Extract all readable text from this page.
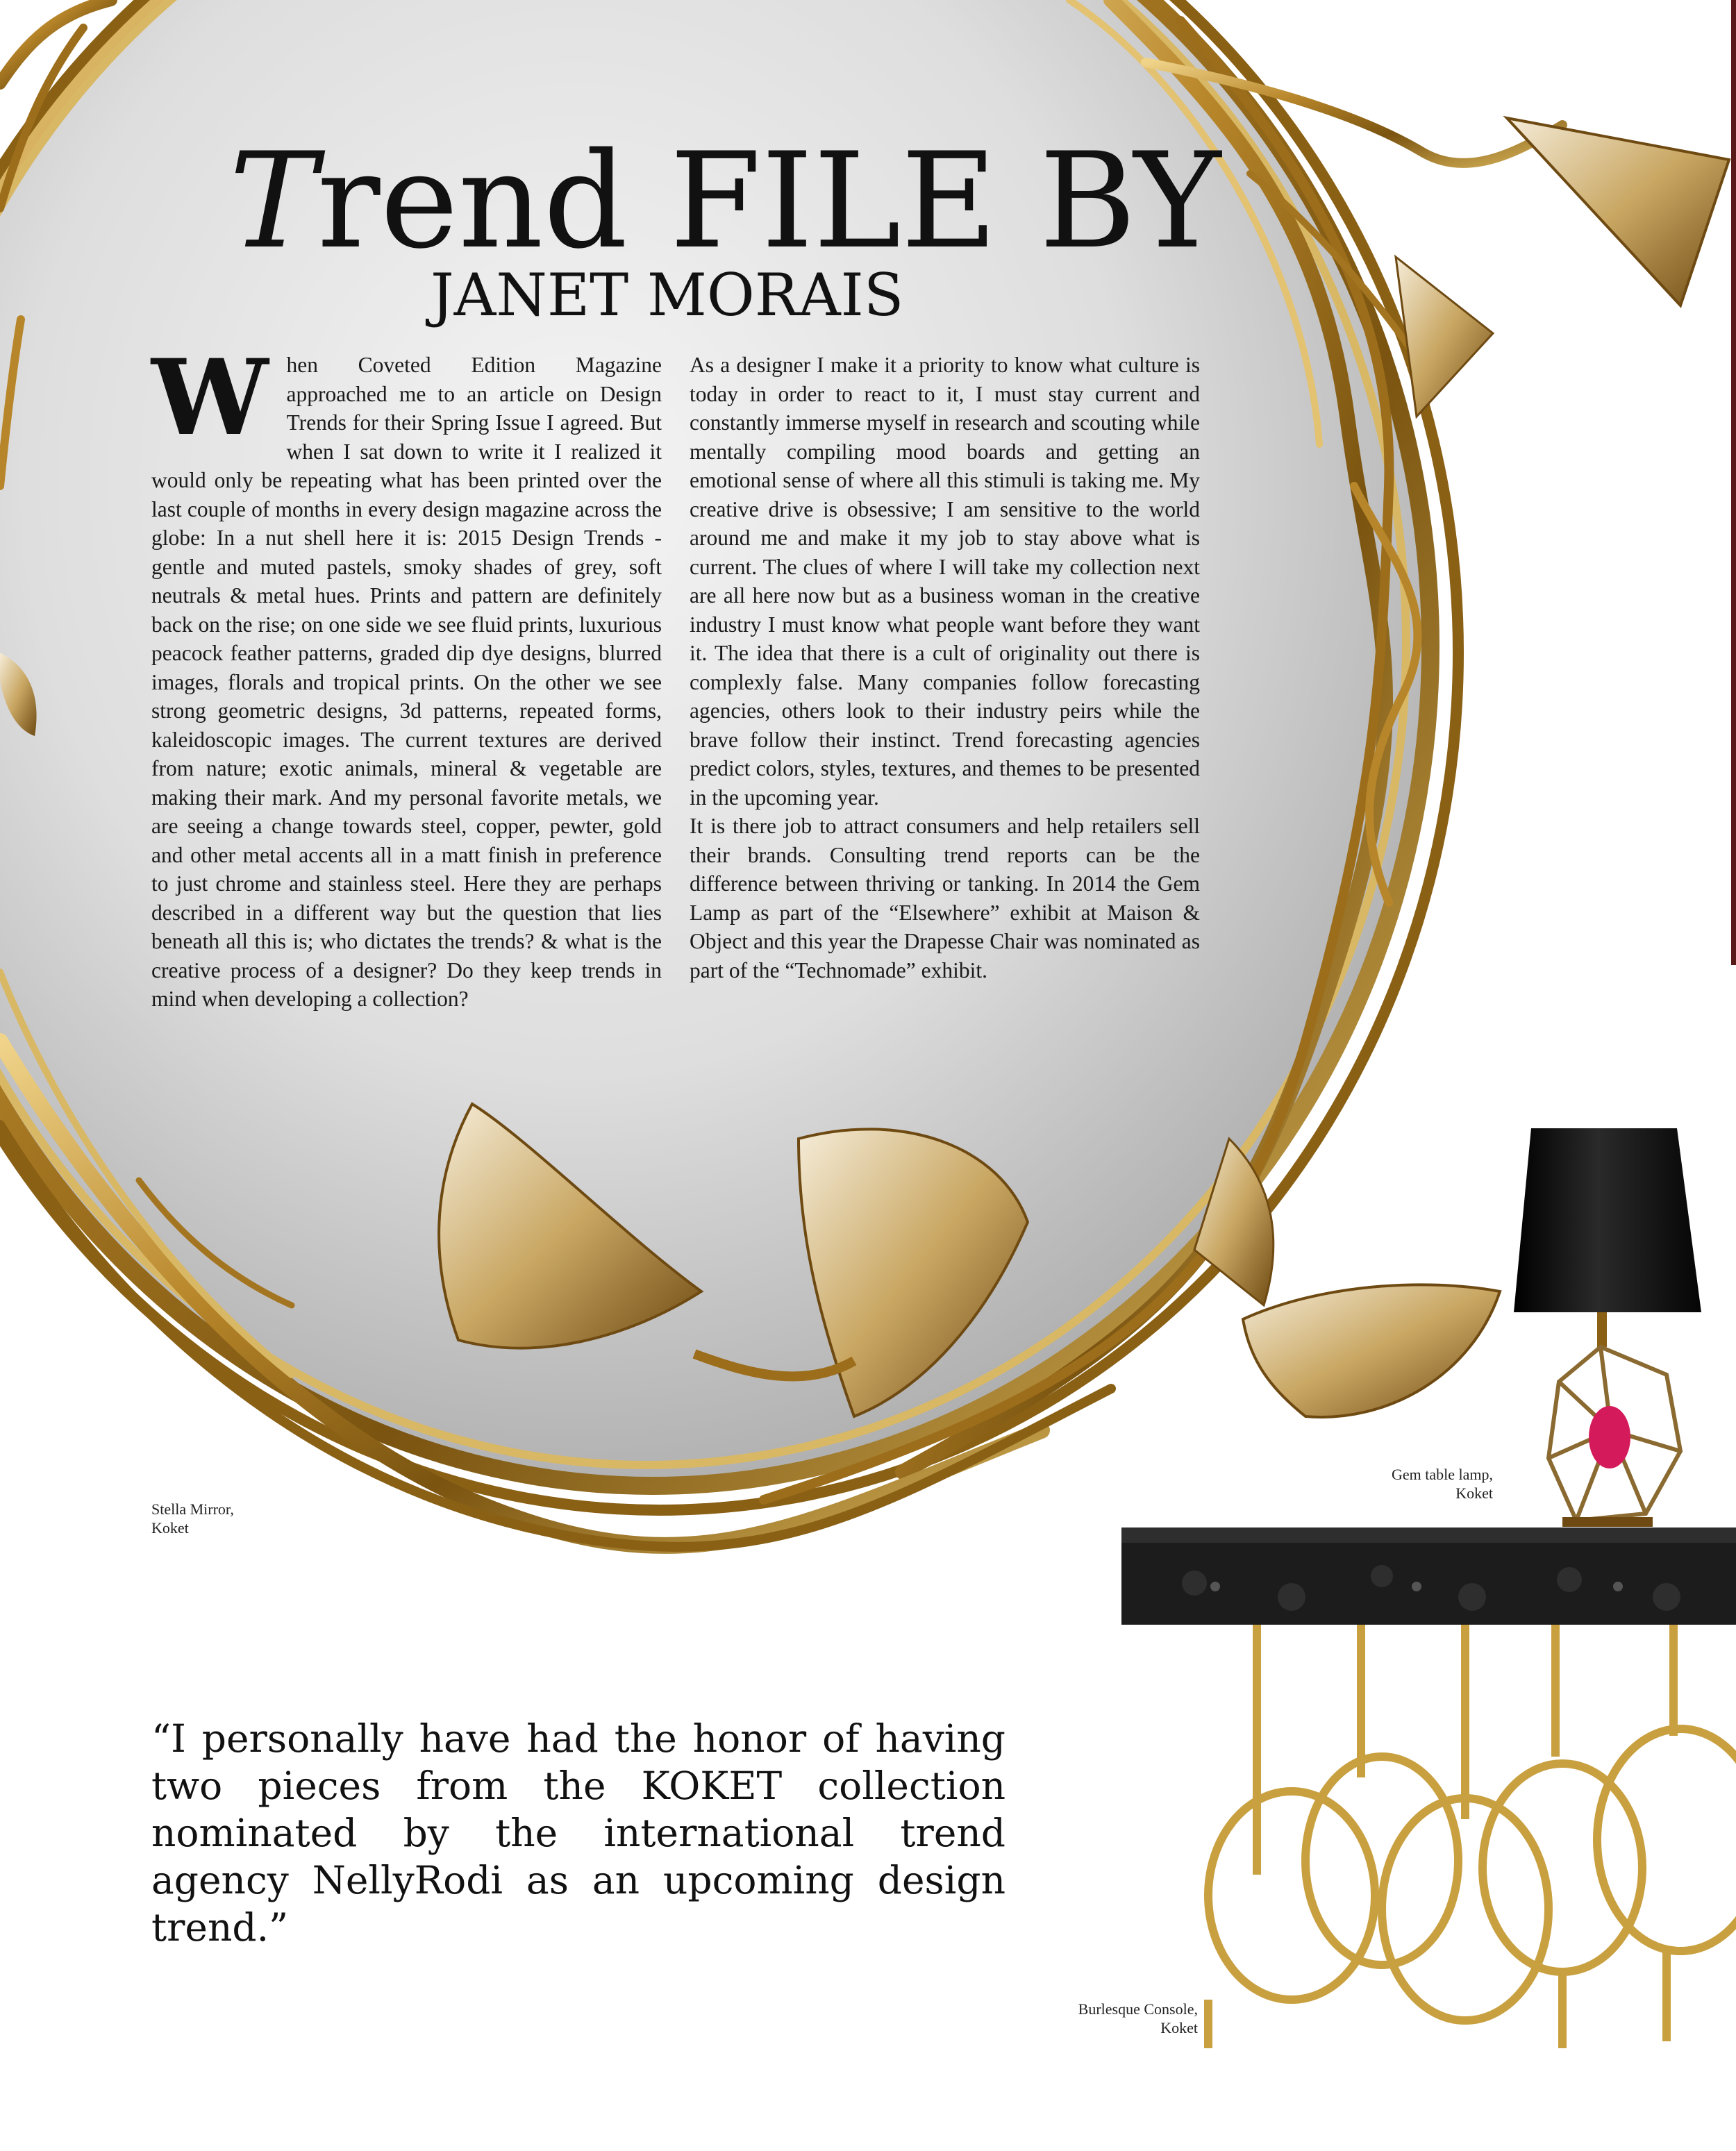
Trend FILE BY
JANET MORAIS
W hen Coveted Edition Magazine approached me to an article on Design Trends for their Spring Issue I agreed. But when I sat down to write it I realized it would only be repeating what has been printed over the last couple of months in every design magazine across the globe: In a nut shell here it is: 2015 Design Trends - gentle and muted pastels, smoky shades of grey, soft neutrals & metal hues. Prints and pattern are definitely back on the rise; on one side we see fluid prints, luxurious peacock feather patterns, graded dip dye designs, blurred images, florals and tropical prints. On the other we see strong geometric designs, 3d patterns, repeated forms, kaleidoscopic images. The current textures are derived from nature; exotic animals, mineral & vegetable are making their mark. And my personal favorite metals, we are seeing a change towards steel, copper, pewter, gold and other metal accents all in a matt finish in preference to just chrome and stainless steel. Here they are perhaps described in a different way but the question that lies beneath all this is; who dictates the trends? & what is the creative process of a designer? Do they keep trends in mind when developing a collection?

As a designer I make it a priority to know what culture is today in order to react to it, I must stay current and constantly immerse myself in research and scouting while mentally compiling mood boards and getting an emotional sense of where all this stimuli is taking me. My creative drive is obsessive; I am sensitive to the world around me and make it my job to stay above what is current. The clues of where I will take my collection next are all here now but as a business woman in the creative industry I must know what people want before they want it. The idea that there is a cult of originality out there is complexly false. Many companies follow forecasting agencies, others look to their industry peirs while the brave follow their instinct. Trend forecasting agencies predict colors, styles, textures, and themes to be presented in the upcoming year.

It is there job to attract consumers and help retailers sell their brands. Consulting trend reports can be the difference between thriving or tanking. In 2014 the Gem Lamp as part of the “Elsewhere” exhibit at Maison & Object and this year the Drapesse Chair was nominated as part of the “Technomade” exhibit.

Stella Mirror,
Koket
Gem table lamp,
Koket
Burlesque Console,
Koket
“I personally have had the honor of having two pieces from the KOKET collection nominated by the international trend agency NellyRodi as an upcoming design trend.”
